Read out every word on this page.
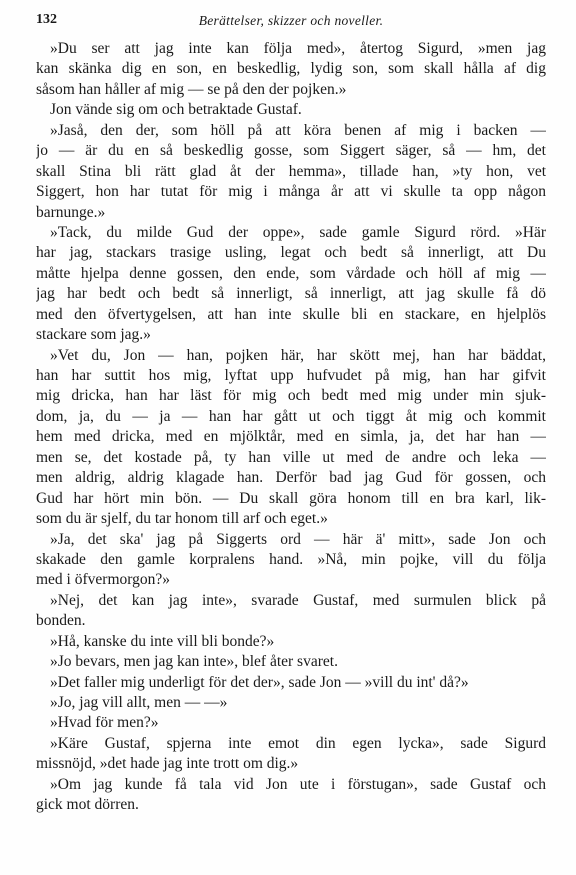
132	Berättelser, skizzer och noveller.
»Du ser att jag inte kan följa med», återtog Sigurd, »men jag
kan skänka dig en son, en beskedlig, lydig son, som skall hålla af dig
såsom han håller af mig — se på den der pojken.»
Jon vände sig om och betraktade Gustaf.
»Jaså, den der, som höll på att köra benen af mig i backen —
jo — är du en så beskedlig gosse, som Siggert säger, så — hm, det
skall Stina bli rätt glad åt der hemma», tillade han, »ty hon, vet
Siggert, hon har tutat för mig i många år att vi skulle ta opp någon
barnunge.»
»Tack, du milde Gud der oppe», sade gamle Sigurd rörd. »Här
har jag, stackars trasige usling, legat och bedt så innerligt, att Du
måtte hjelpa denne gossen, den ende, som vårdade och höll af mig —
jag har bedt och bedt så innerligt, så innerligt, att jag skulle få dö
med den öfvertygelsen, att han inte skulle bli en stackare, en hjelplös
stackare som jag.»
»Vet du, Jon — han, pojken här, har skött mej, han har bäddat,
han har suttit hos mig, lyftat upp hufvudet på mig, han har gifvit
mig dricka, han har läst för mig och bedt med mig under min sjuk-
dom, ja, du — ja — han har gått ut och tiggt åt mig och kommit
hem med dricka, med en mjölktår, med en simla, ja, det har han —
men se, det kostade på, ty han ville ut med de andre och leka —
men aldrig, aldrig klagade han. Derför bad jag Gud för gossen, och
Gud har hört min bön. — Du skall göra honom till en bra karl, lik-
som du är sjelf, du tar honom till arf och eget.»
»Ja, det ska' jag på Siggerts ord — här ä' mitt», sade Jon och
skakade den gamle korpralens hand. »Nå, min pojke, vill du följa
med i öfvermorgon?»
»Nej, det kan jag inte», svarade Gustaf, med surmulen blick på
bonden.
»Hå, kanske du inte vill bli bonde?»
»Jo bevars, men jag kan inte», blef åter svaret.
»Det faller mig underligt för det der», sade Jon — »vill du int' då?»
»Jo, jag vill allt, men — —»
»Hvad för men?»
»Käre Gustaf, spjerna inte emot din egen lycka», sade Sigurd
missnöjd, »det hade jag inte trott om dig.»
»Om jag kunde få tala vid Jon ute i förstugan», sade Gustaf och
gick mot dörren.
